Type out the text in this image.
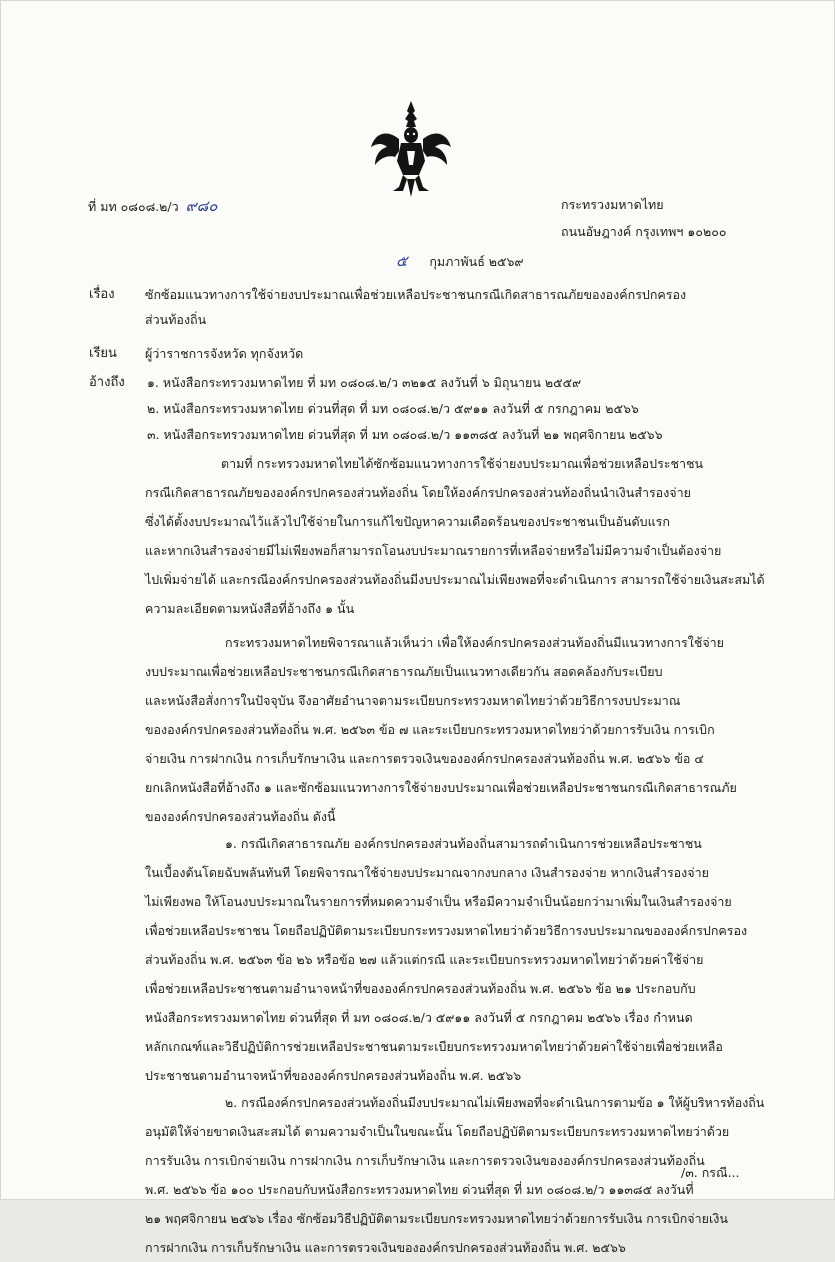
ที่ มท ๐๘๐๘.๒/ว ๙๘๐	กระทรวงมหาดไทย
ถนนอัษฎางค์ กรุงเทพฯ ๑๐๒๐๐
๕ กุมภาพันธ์ ๒๕๖๙
เรื่อง ซักซ้อมแนวทางการใช้จ่ายงบประมาณเพื่อช่วยเหลือประชาชนกรณีเกิดสาธารณภัยขององค์กรปกครอง
ส่วนท้องถิ่น
เรียน ผู้ว่าราชการจังหวัด ทุกจังหวัด
อ้างถึง ๑. หนังสือกระทรวงมหาดไทย ที่ มท ๐๘๐๘.๒/ว ๓๒๑๕ ลงวันที่ ๖ มิถุนายน ๒๕๕๙
๒. หนังสือกระทรวงมหาดไทย ด่วนที่สุด ที่ มท ๐๘๐๘.๒/ว ๕๙๑๑ ลงวันที่ ๕ กรกฎาคม ๒๕๖๖
๓. หนังสือกระทรวงมหาดไทย ด่วนที่สุด ที่ มท ๐๘๐๘.๒/ว ๑๑๓๘๕ ลงวันที่ ๒๑ พฤศจิกายน ๒๕๖๖
ตามที่ กระทรวงมหาดไทยได้ซักซ้อมแนวทางการใช้จ่ายงบประมาณเพื่อช่วยเหลือประชาชน
กรณีเกิดสาธารณภัยขององค์กรปกครองส่วนท้องถิ่น โดยให้องค์กรปกครองส่วนท้องถิ่นนำเงินสำรองจ่าย
ซึ่งได้ตั้งงบประมาณไว้แล้วไปใช้จ่ายในการแก้ไขปัญหาความเดือดร้อนของประชาชนเป็นอันดับแรก
และหากเงินสำรองจ่ายมีไม่เพียงพอก็สามารถโอนงบประมาณรายการที่เหลือจ่ายหรือไม่มีความจำเป็นต้องจ่าย
ไปเพิ่มจ่ายได้ และกรณีองค์กรปกครองส่วนท้องถิ่นมีงบประมาณไม่เพียงพอที่จะดำเนินการ สามารถใช้จ่ายเงินสะสมได้
ความละเอียดตามหนังสือที่อ้างถึง ๑ นั้น
กระทรวงมหาดไทยพิจารณาแล้วเห็นว่า เพื่อให้องค์กรปกครองส่วนท้องถิ่นมีแนวทางการใช้จ่าย
งบประมาณเพื่อช่วยเหลือประชาชนกรณีเกิดสาธารณภัยเป็นแนวทางเดียวกัน สอดคล้องกับระเบียบ
และหนังสือสั่งการในปัจจุบัน จึงอาศัยอำนาจตามระเบียบกระทรวงมหาดไทยว่าด้วยวิธีการงบประมาณ
ขององค์กรปกครองส่วนท้องถิ่น พ.ศ. ๒๕๖๓ ข้อ ๗ และระเบียบกระทรวงมหาดไทยว่าด้วยการรับเงิน การเบิก
จ่ายเงิน การฝากเงิน การเก็บรักษาเงิน และการตรวจเงินขององค์กรปกครองส่วนท้องถิ่น พ.ศ. ๒๕๖๖ ข้อ ๔
ยกเลิกหนังสือที่อ้างถึง ๑ และซักซ้อมแนวทางการใช้จ่ายงบประมาณเพื่อช่วยเหลือประชาชนกรณีเกิดสาธารณภัย
ขององค์กรปกครองส่วนท้องถิ่น ดังนี้
๑. กรณีเกิดสาธารณภัย องค์กรปกครองส่วนท้องถิ่นสามารถดำเนินการช่วยเหลือประชาชน
ในเบื้องต้นโดยฉับพลันทันที โดยพิจารณาใช้จ่ายงบประมาณจากงบกลาง เงินสำรองจ่าย หากเงินสำรองจ่าย
ไม่เพียงพอ ให้โอนงบประมาณในรายการที่หมดความจำเป็น หรือมีความจำเป็นน้อยกว่ามาเพิ่มในเงินสำรองจ่าย
เพื่อช่วยเหลือประชาชน โดยถือปฏิบัติตามระเบียบกระทรวงมหาดไทยว่าด้วยวิธีการงบประมาณขององค์กรปกครอง
ส่วนท้องถิ่น พ.ศ. ๒๕๖๓ ข้อ ๒๖ หรือข้อ ๒๗ แล้วแต่กรณี และระเบียบกระทรวงมหาดไทยว่าด้วยค่าใช้จ่าย
เพื่อช่วยเหลือประชาชนตามอำนาจหน้าที่ขององค์กรปกครองส่วนท้องถิ่น พ.ศ. ๒๕๖๖ ข้อ ๒๑ ประกอบกับ
หนังสือกระทรวงมหาดไทย ด่วนที่สุด ที่ มท ๐๘๐๘.๒/ว ๕๙๑๑ ลงวันที่ ๕ กรกฎาคม ๒๕๖๖ เรื่อง กำหนด
หลักเกณฑ์และวิธีปฏิบัติการช่วยเหลือประชาชนตามระเบียบกระทรวงมหาดไทยว่าด้วยค่าใช้จ่ายเพื่อช่วยเหลือ
ประชาชนตามอำนาจหน้าที่ขององค์กรปกครองส่วนท้องถิ่น พ.ศ. ๒๕๖๖
๒. กรณีองค์กรปกครองส่วนท้องถิ่นมีงบประมาณไม่เพียงพอที่จะดำเนินการตามข้อ ๑ ให้ผู้บริหารท้องถิ่น
อนุมัติให้จ่ายขาดเงินสะสมได้ ตามความจำเป็นในขณะนั้น โดยถือปฏิบัติตามระเบียบกระทรวงมหาดไทยว่าด้วย
การรับเงิน การเบิกจ่ายเงิน การฝากเงิน การเก็บรักษาเงิน และการตรวจเงินขององค์กรปกครองส่วนท้องถิ่น
พ.ศ. ๒๕๖๖ ข้อ ๑๐๐ ประกอบกับหนังสือกระทรวงมหาดไทย ด่วนที่สุด ที่ มท ๐๘๐๘.๒/ว ๑๑๓๘๕ ลงวันที่
๒๑ พฤศจิกายน ๒๕๖๖ เรื่อง ซักซ้อมวิธีปฏิบัติตามระเบียบกระทรวงมหาดไทยว่าด้วยการรับเงิน การเบิกจ่ายเงิน
การฝากเงิน การเก็บรักษาเงิน และการตรวจเงินขององค์กรปกครองส่วนท้องถิ่น พ.ศ. ๒๕๖๖
/๓. กรณี...
